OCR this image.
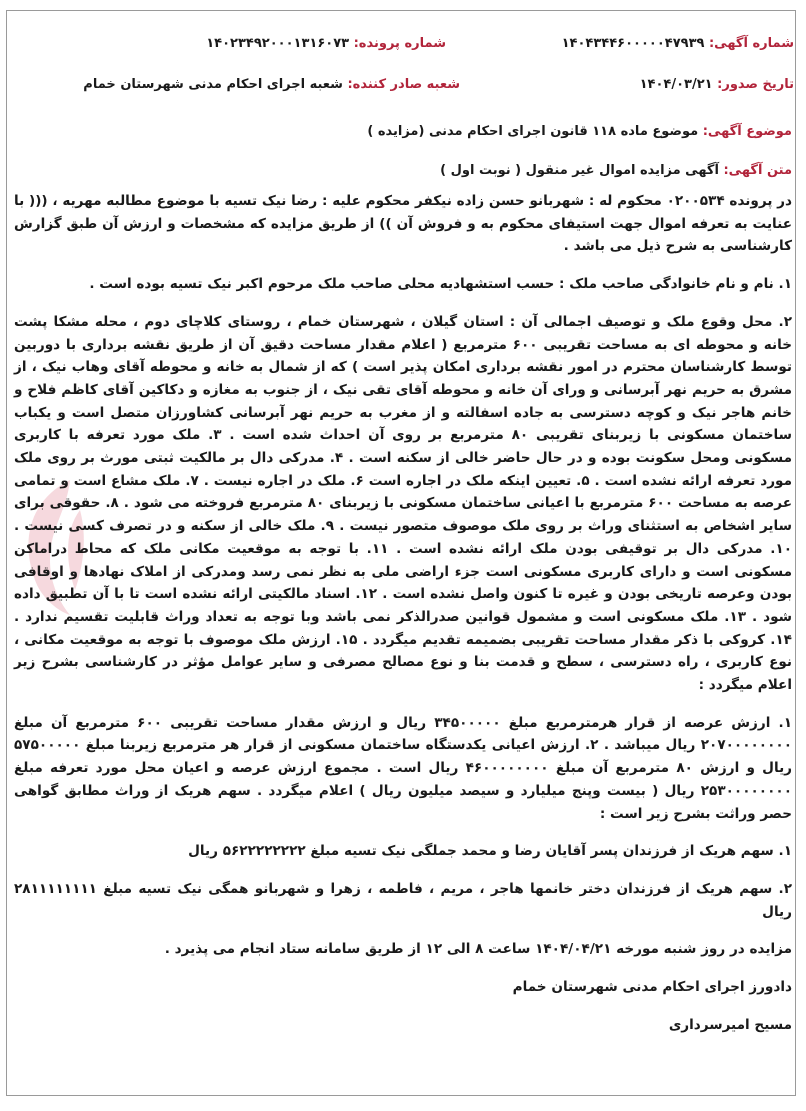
شماره آگهی: ۱۴۰۴۳۴۴۶۰۰۰۰۰۴۷۹۳۹
شماره پرونده: ۱۴۰۲۳۴۹۲۰۰۰۱۳۱۶۰۷۳
تاریخ صدور: ۱۴۰۴/۰۳/۲۱
شعبه صادر کننده: شعبه اجرای احکام مدنی شهرستان خمام
موضوع آگهی: موضوع ماده ۱۱۸ قانون اجرای احکام مدنی (مزایده )
متن آگهی: آگهی مزایده اموال غیر منقول ( نوبت اول )

در پرونده ۰۲۰۰۵۳۴ محکوم له : شهربانو حسن زاده نیکفر محکوم علیه : رضا نیک تسیه با موضوع مطالبه مهریه ، ((( با عنایت به تعرفه اموال جهت استیفای محکوم به و فروش آن )) از طریق مزایده که مشخصات و ارزش آن طبق گزارش کارشناسی به شرح ذیل می باشد .

۱. نام و نام خانوادگی صاحب ملک : حسب استشهادیه محلی صاحب ملک مرحوم اکبر نیک تسیه بوده است .

۲. محل وقوع ملک و توصیف اجمالی آن : استان گیلان ، شهرستان خمام ، روستای کلاچای دوم ، محله مشکا پشت خانه و محوطه ای به مساحت تقریبی ۶۰۰ مترمربع ( اعلام مقدار مساحت دقیق آن از طریق نقشه برداری با دوربین توسط کارشناسان محترم در امور نقشه برداری امکان پذیر است ) که از شمال به خانه و محوطه آقای وهاب نیک ، از مشرق به حریم نهر آبرسانی و ورای آن خانه و محوطه آقای تقی نیک ، از جنوب به مغازه و دکاکین آقای کاظم فلاح و خانم هاجر نیک و کوچه دسترسی به جاده اسفالته و از مغرب به حریم نهر آبرسانی کشاورزان متصل است و یکباب ساختمان مسکونی با زیربنای تقریبی ۸۰ مترمربع بر روی آن احداث شده است . ۳. ملک مورد تعرفه با کاربری مسکونی ومحل سکونت بوده و در حال حاضر خالی از سکنه است . ۴. مدرکی دال بر مالکیت ثبتی مورث بر روی ملک مورد تعرفه ارائه نشده است . ۵. تعیین اینکه ملک در اجاره است ۶. ملک در اجاره نیست . ۷. ملک مشاع است و تمامی عرصه به مساحت ۶۰۰ مترمربع با اعیانی ساختمان مسکونی با زیربنای ۸۰ مترمربع فروخته می شود . ۸. حقوقی برای سایر اشخاص به استثنای وراث بر روی ملک موصوف متصور نیست . ۹. ملک خالی از سکنه و در تصرف کسی نیست . ۱۰. مدرکی دال بر توقیفی بودن ملک ارائه نشده است . ۱۱. با توجه به موقعیت مکانی ملک که محاط دراماکن مسکونی است و دارای کاربری مسکونی است جزء اراضی ملی به نظر نمی رسد ومدرکی از املاک نهادها و اوقافی بودن وعرصه تاریخی بودن و غیره تا کنون واصل نشده است . ۱۲. اسناد مالکیتی ارائه نشده است تا با آن تطبیق داده شود . ۱۳. ملک مسکونی است و مشمول قوانین صدرالذکر نمی باشد وبا توجه به تعداد وراث قابلیت تقسیم ندارد . ۱۴. کروکی با ذکر مقدار مساحت تقریبی بضمیمه تقدیم میگردد . ۱۵. ارزش ملک موصوف با توجه به موقعیت مکانی ، نوع کاربری ، راه دسترسی ، سطح و قدمت بنا و نوع مصالح مصرفی و سایر عوامل مؤثر در کارشناسی بشرح زیر اعلام میگردد :

۱. ارزش عرصه از قرار هرمترمربع مبلغ ۳۴۵۰۰۰۰۰ ریال و ارزش مقدار مساحت تقریبی ۶۰۰ مترمربع آن مبلغ ۲۰۷۰۰۰۰۰۰۰۰ ریال میباشد . ۲. ارزش اعیانی یکدستگاه ساختمان مسکونی از قرار هر مترمربع زیربنا مبلغ ۵۷۵۰۰۰۰۰ ریال و ارزش ۸۰ مترمربع آن مبلغ ۴۶۰۰۰۰۰۰۰۰ ریال است . مجموع ارزش عرصه و اعیان محل مورد تعرفه مبلغ ۲۵۳۰۰۰۰۰۰۰۰ ریال ( بیست وپنج میلیارد و سیصد میلیون ریال ) اعلام میگردد . سهم هریک از وراث مطابق گواهی حصر وراثت بشرح زیر است :

۱. سهم هریک از فرزندان پسر آقایان رضا و محمد جملگی نیک تسیه مبلغ ۵۶۲۲۲۲۲۲۲۲ ریال

۲. سهم هریک از فرزندان دختر خانمها هاجر ، مریم ، فاطمه ، زهرا و شهربانو همگی نیک تسیه مبلغ ۲۸۱۱۱۱۱۱۱۱ ریال

مزایده در روز شنبه مورخه ۱۴۰۴/۰۴/۲۱ ساعت ۸ الی ۱۲ از طریق سامانه ستاد انجام می پذیرد .

دادورز اجرای احکام مدنی شهرستان خمام

مسیح امیرسرداری
